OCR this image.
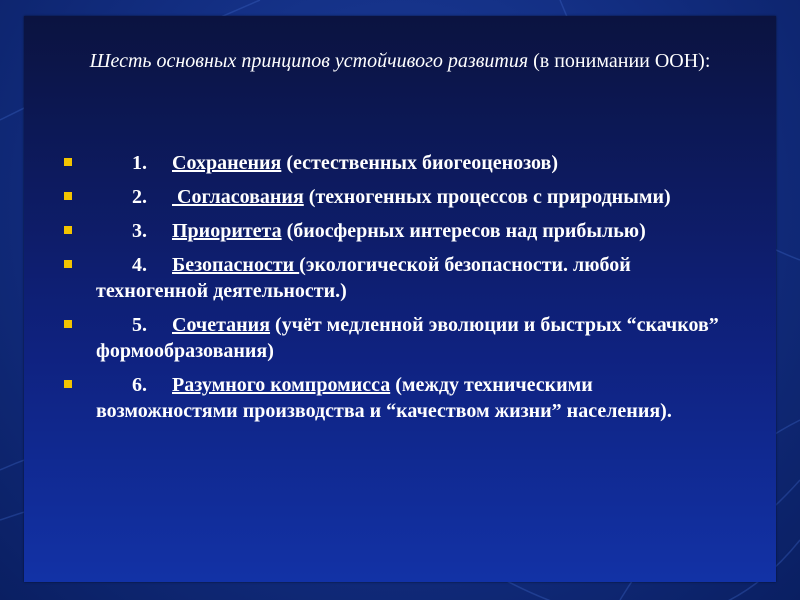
Шесть основных принципов устойчивого развития (в понимании ООН):
1. Сохранения (естественных биогеоценозов)
2. Согласования (техногенных процессов с природными)
3. Приоритета (биосферных интересов над прибылью)
4. Безопасности (экологической безопасности. любой техногенной деятельности.)
5. Сочетания (учёт медленной эволюции и быстрых “скачков” формообразования)
6. Разумного компромисса (между техническими возможностями производства и “качеством жизни” населения).
